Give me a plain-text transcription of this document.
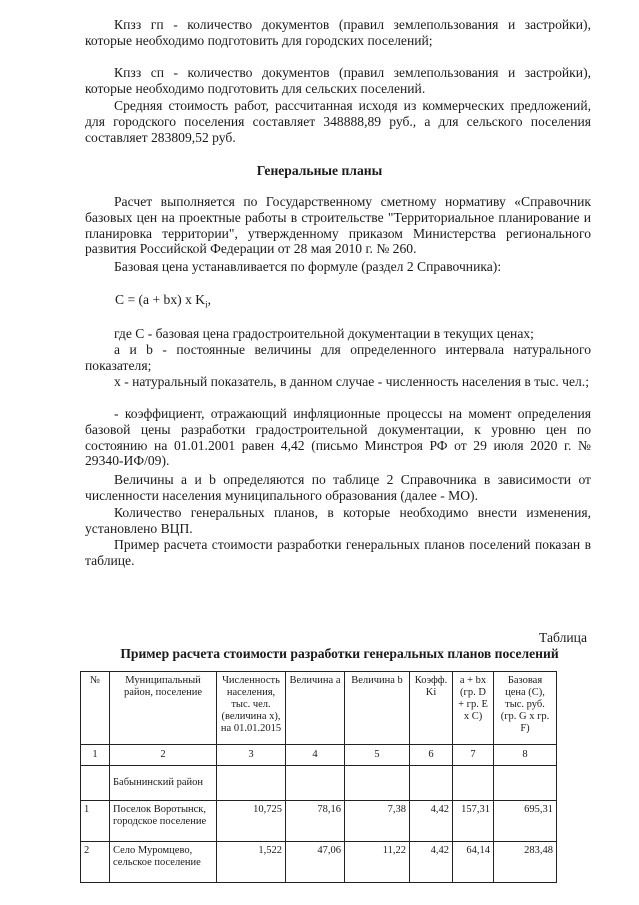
Кпзз гп - количество документов (правил землепользования и застройки), которые необходимо подготовить для городских поселений;

Кпзз сп - количество документов (правил землепользования и застройки), которые необходимо подготовить для сельских поселений.

Средняя стоимость работ, рассчитанная исходя из коммерческих предложений, для городского поселения составляет 348888,89 руб., а для сельского поселения составляет 283809,52 руб.

Генеральные планы

Расчет выполняется по Государственному сметному нормативу «Справочник базовых цен на проектные работы в строительстве "Территориальное планирование и планировка территории", утвержденному приказом Министерства регионального развития Российской Федерации от 28 мая 2010 г. № 260.

Базовая цена устанавливается по формуле (раздел 2 Справочника):

С = (a + bx) x $K_i$,

где С - базовая цена градостроительной документации в текущих ценах;

a и b - постоянные величины для определенного интервала натурального показателя;

x - натуральный показатель, в данном случае - численность населения в тыс. чел.;

- коэффициент, отражающий инфляционные процессы на момент определения базовой цены разработки градостроительной документации, к уровню цен по состоянию на 01.01.2001 равен 4,42 (письмо Минстроя РФ от 29 июля 2020 г. № 29340-ИФ/09).

Величины a и b определяются по таблице 2 Справочника в зависимости от численности населения муниципального образования (далее - МО).

Количество генеральных планов, в которые необходимо внести изменения, установлено ВЦП.

Пример расчета стоимости разработки генеральных планов поселений показан в таблице.

Таблица
Пример расчета стоимости разработки генеральных планов поселений
№	Муниципальный район, поселение	Численность населения, тыс. чел. (величина x), на 01.01.2015	Величина a	Величина b	Коэфф. Ki	a + bx (гр. D + гр. E x C)	Базовая цена (С), тыс. руб. (гр. G x гр. F)
1	2	3	4	5	6	7	8
	Бабынинский район						
1	Поселок Воротынск, городское поселение	10,725	78,16	7,38	4,42	157,31	695,31
2	Село Муромцево, сельское поселение	1,522	47,06	11,22	4,42	64,14	283,48
